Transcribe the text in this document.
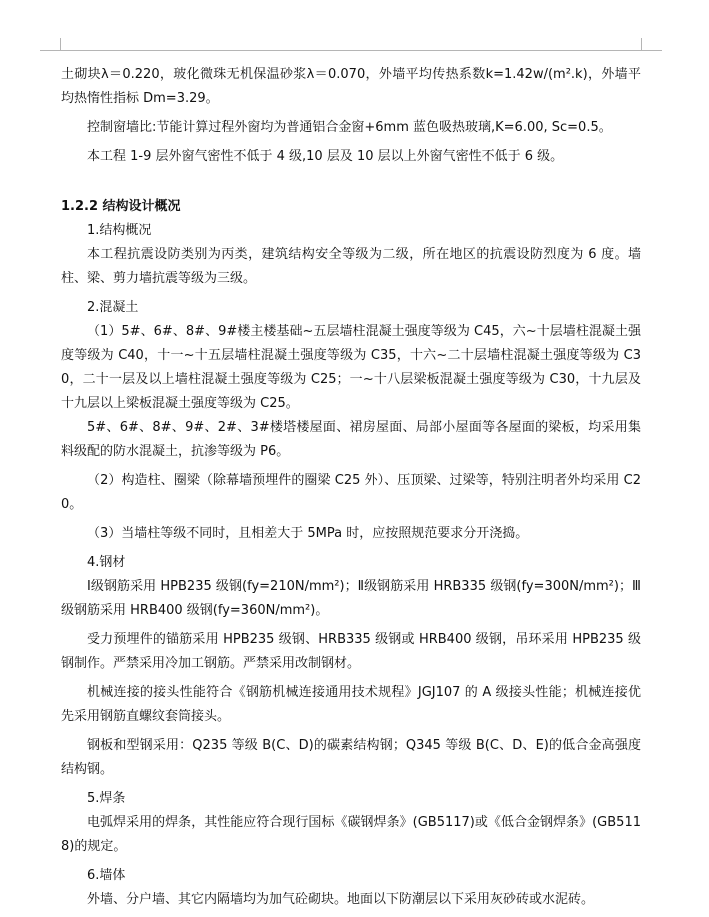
土砌块λ＝0.220，玻化微珠无机保温砂浆λ＝0.070，外墙平均传热系数k=1.42w/(m².k)，外墙平均热惰性指标 Dm=3.29。

控制窗墙比:节能计算过程外窗均为普通铝合金窗+6mm 蓝色吸热玻璃,K=6.00, Sc=0.5。

本工程 1-9 层外窗气密性不低于 4 级,10 层及 10 层以上外窗气密性不低于 6 级。

1.2.2 结构设计概况

1.结构概况

本工程抗震设防类别为丙类，建筑结构安全等级为二级，所在地区的抗震设防烈度为 6 度。墙柱、梁、剪力墙抗震等级为三级。

2.混凝土

（1）5#、6#、8#、9#楼主楼基础~五层墙柱混凝土强度等级为 C45，六~十层墙柱混凝土强度等级为 C40，十一~十五层墙柱混凝土强度等级为 C35，十六~二十层墙柱混凝土强度等级为 C30，二十一层及以上墙柱混凝土强度等级为 C25；一~十八层梁板混凝土强度等级为 C30，十九层及十九层以上梁板混凝土强度等级为 C25。

5#、6#、8#、9#、2#、3#楼塔楼屋面、裙房屋面、局部小屋面等各屋面的梁板，均采用集料级配的防水混凝土，抗渗等级为 P6。

（2）构造柱、圈梁（除幕墙预埋件的圈梁 C25 外）、压顶梁、过梁等，特别注明者外均采用 C20。

（3）当墙柱等级不同时，且相差大于 5MPa 时，应按照规范要求分开浇捣。

4.钢材

Ⅰ级钢筋采用 HPB235 级钢(fy=210N/mm²)；Ⅱ级钢筋采用 HRB335 级钢(fy=300N/mm²)；Ⅲ级钢筋采用 HRB400 级钢(fy=360N/mm²)。

受力预埋件的锚筋采用 HPB235 级钢、HRB335 级钢或 HRB400 级钢，吊环采用 HPB235 级钢制作。严禁采用冷加工钢筋。严禁采用改制钢材。

机械连接的接头性能符合《钢筋机械连接通用技术规程》JGJ107 的 A 级接头性能；机械连接优先采用钢筋直螺纹套筒接头。

钢板和型钢采用：Q235 等级 B(C、D)的碳素结构钢；Q345 等级 B(C、D、E)的低合金高强度结构钢。

5.焊条

电弧焊采用的焊条，其性能应符合现行国标《碳钢焊条》(GB5117)或《低合金钢焊条》(GB5118)的规定。

6.墙体

外墙、分户墙、其它内隔墙均为加气砼砌块。地面以下防潮层以下采用灰砂砖或水泥砖。
